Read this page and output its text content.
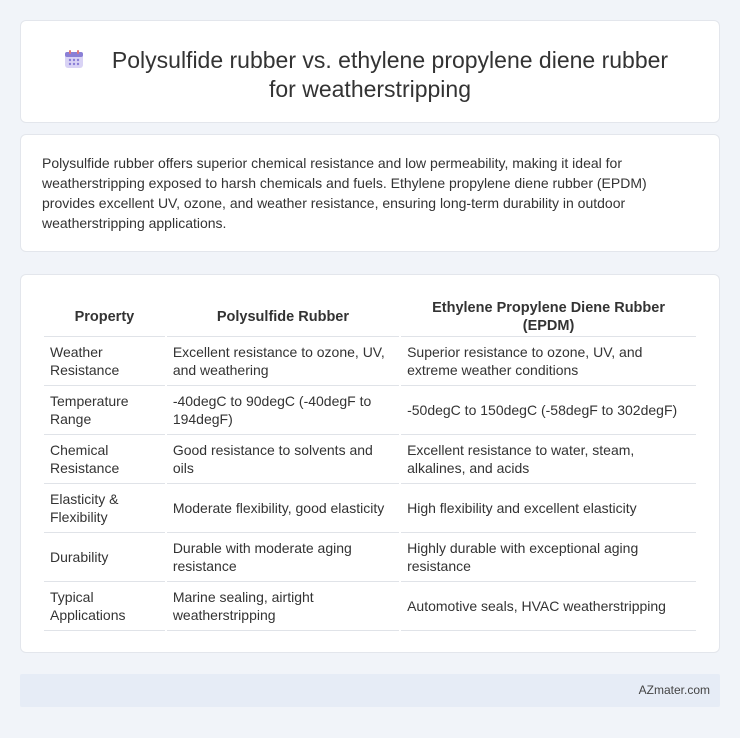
Polysulfide rubber vs. ethylene propylene diene rubber
for weatherstripping

Polysulfide rubber offers superior chemical resistance and low permeability, making it ideal for weatherstripping exposed to harsh chemicals and fuels. Ethylene propylene diene rubber (EPDM) provides excellent UV, ozone, and weather resistance, ensuring long-term durability in outdoor weatherstripping applications.

Property	Polysulfide Rubber	Ethylene Propylene Diene Rubber (EPDM)
Weather Resistance	Excellent resistance to ozone, UV, and weathering	Superior resistance to ozone, UV, and extreme weather conditions
Temperature Range	-40degC to 90degC (-40degF to 194degF)	-50degC to 150degC (-58degF to 302degF)
Chemical Resistance	Good resistance to solvents and oils	Excellent resistance to water, steam, alkalines, and acids
Elasticity & Flexibility	Moderate flexibility, good elasticity	High flexibility and excellent elasticity
Durability	Durable with moderate aging resistance	Highly durable with exceptional aging resistance
Typical Applications	Marine sealing, airtight weatherstripping	Automotive seals, HVAC weatherstripping
AZmater.com
